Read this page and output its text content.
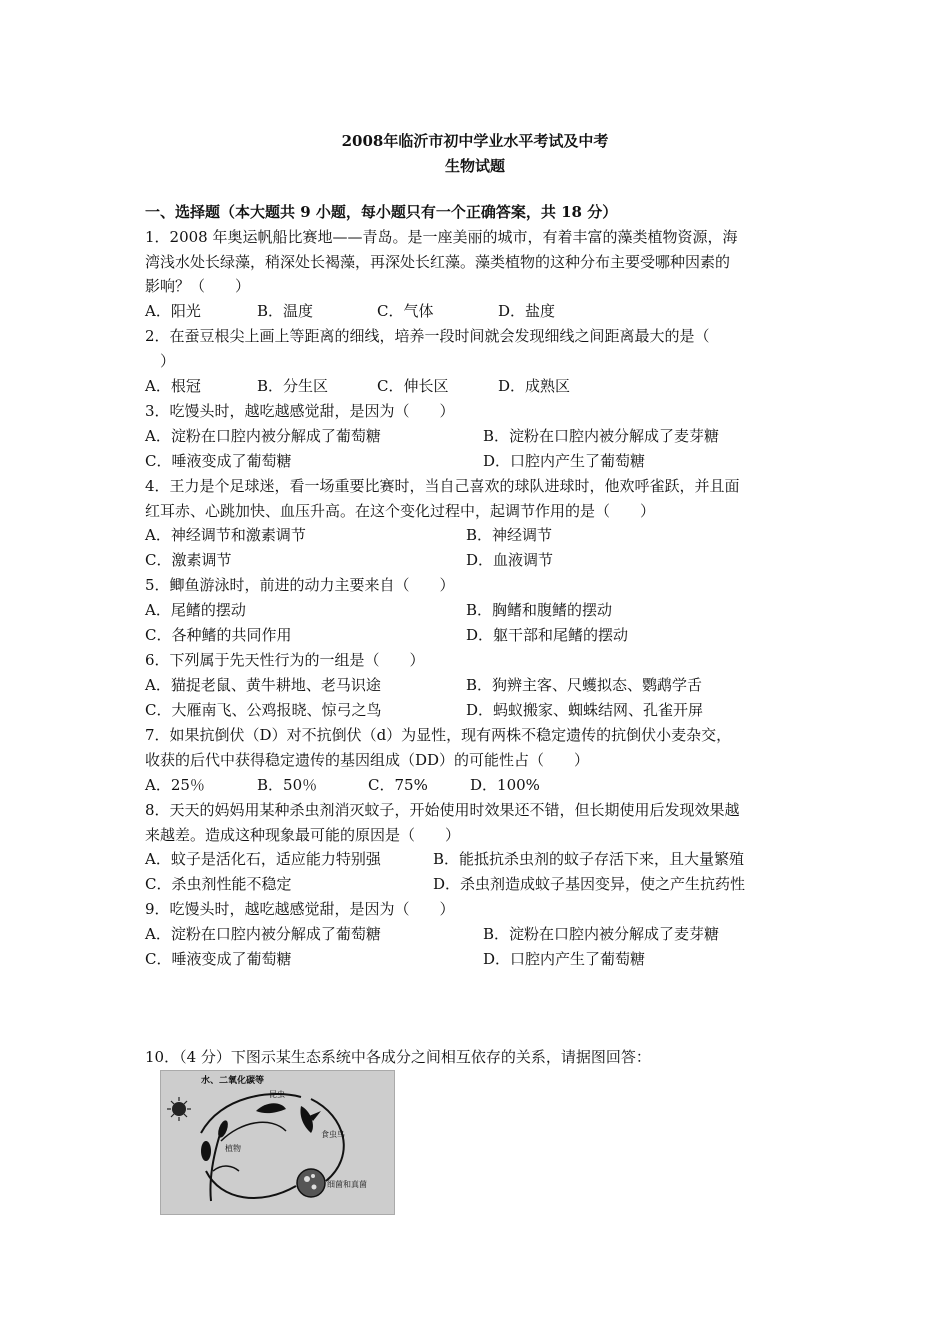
2008年临沂市初中学业水平考试及中考
生物试题
一、选择题（本大题共 9 小题，每小题只有一个正确答案，共 18 分）
1．2008 年奥运帆船比赛地——青岛。是一座美丽的城市，有着丰富的藻类植物资源，海
湾浅水处长绿藻，稍深处长褐藻，再深处长红藻。藻类植物的这种分布主要受哪种因素的
影响？（　　）
A．阳光	B．温度	C．气体	D．盐度
2．在蚕豆根尖上画上等距离的细线，培养一段时间就会发现细线之间距离最大的是（
　）
A．根冠	B．分生区	C．伸长区	D．成熟区
3．吃馒头时，越吃越感觉甜，是因为（　　）
A．淀粉在口腔内被分解成了葡萄糖	B．淀粉在口腔内被分解成了麦芽糖
C．唾液变成了葡萄糖	D．口腔内产生了葡萄糖
4．王力是个足球迷，看一场重要比赛时，当自己喜欢的球队进球时，他欢呼雀跃，并且面
红耳赤、心跳加快、血压升高。在这个变化过程中，起调节作用的是（　　）
A．神经调节和激素调节	B．神经调节
C．激素调节	D．血液调节
5．鲫鱼游泳时，前进的动力主要来自（　　）
A．尾鳍的摆动	B．胸鳍和腹鳍的摆动
C．各种鳍的共同作用	D．躯干部和尾鳍的摆动
6．下列属于先天性行为的一组是（　　）
A．猫捉老鼠、黄牛耕地、老马识途	B．狗辨主客、尺蠖拟态、鹦鹉学舌
C．大雁南飞、公鸡报晓、惊弓之鸟	D．蚂蚁搬家、蜘蛛结网、孔雀开屏
7．如果抗倒伏（D）对不抗倒伏（d）为显性，现有两株不稳定遗传的抗倒伏小麦杂交，
收获的后代中获得稳定遗传的基因组成（DD）的可能性占（　　）
A．25％	B．50％	C．75%	D．100%
8．天天的妈妈用某种杀虫剂消灭蚊子，开始使用时效果还不错，但长期使用后发现效果越
来越差。造成这种现象最可能的原因是（　　）
A．蚊子是活化石，适应能力特别强	B．能抵抗杀虫剂的蚊子存活下来，且大量繁殖
C．杀虫剂性能不稳定	D．杀虫剂造成蚊子基因变异，使之产生抗药性
9．吃馒头时，越吃越感觉甜，是因为（　　）
A．淀粉在口腔内被分解成了葡萄糖	B．淀粉在口腔内被分解成了麦芽糖
C．唾液变成了葡萄糖	D．口腔内产生了葡萄糖
10．（4 分）下图示某生态系统中各成分之间相互依存的关系，请据图回答：
水、二氧化碳等
昆虫
植物
食虫鸟
细菌和真菌
